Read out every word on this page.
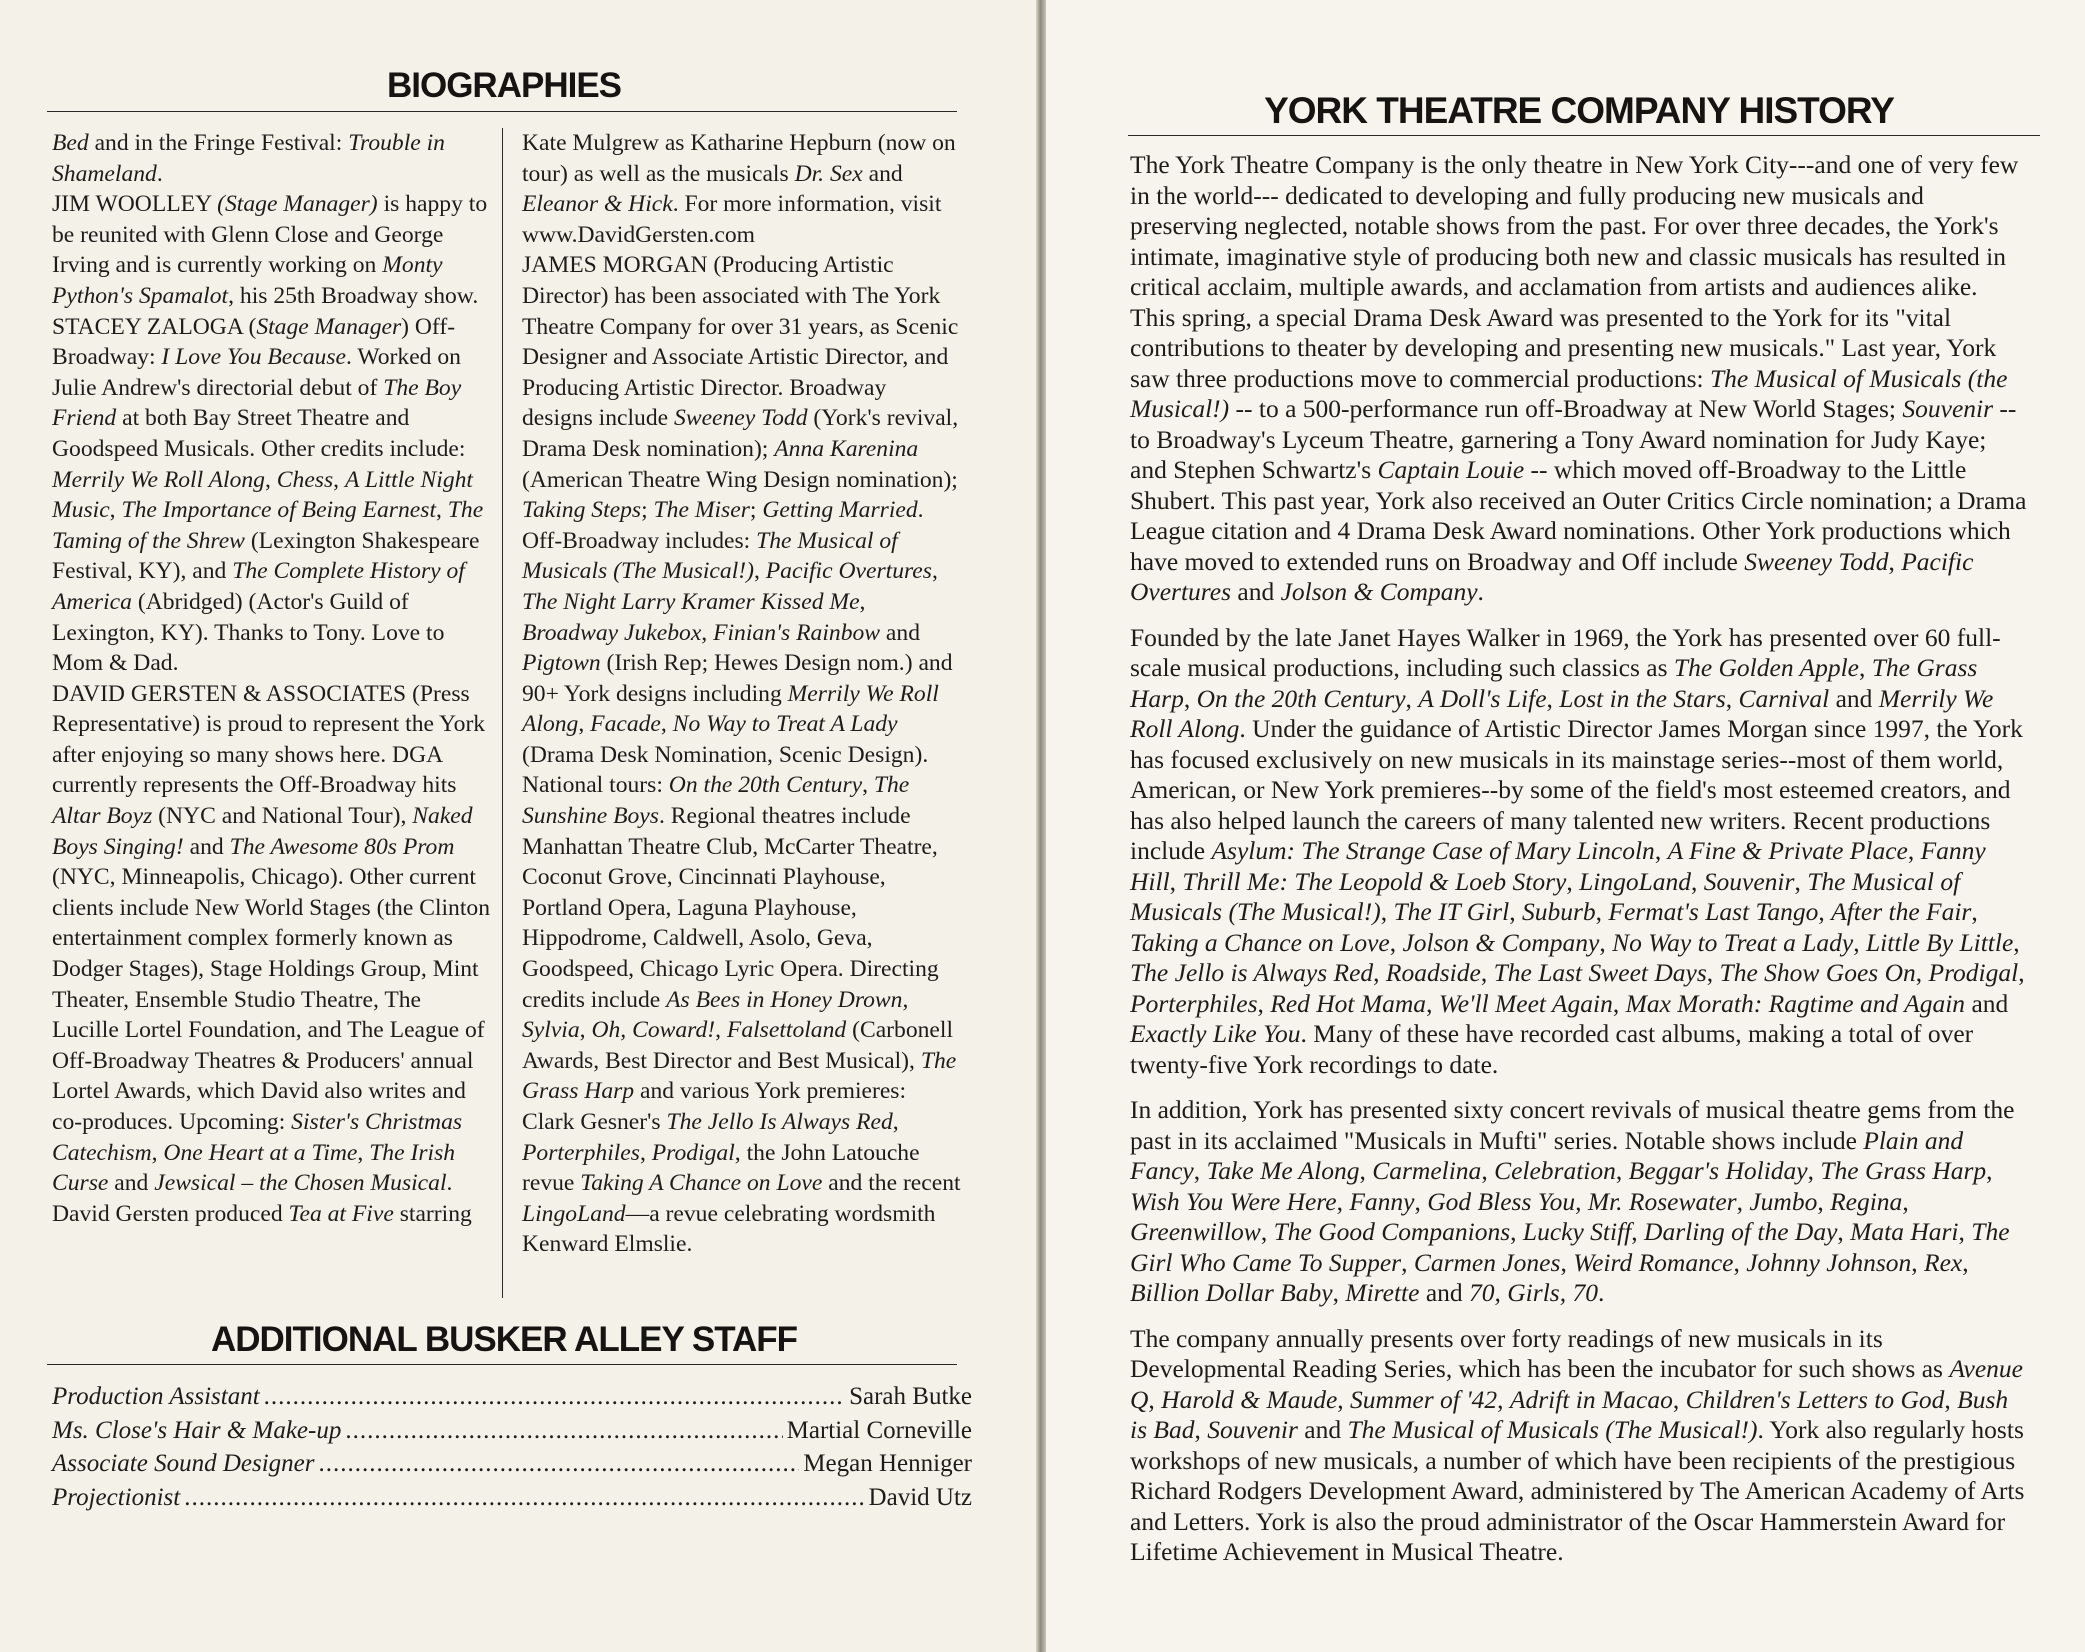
BIOGRAPHIES

Bed and in the Fringe Festival: Trouble in Shameland.

JIM WOOLLEY (Stage Manager) is happy to be reunited with Glenn Close and George Irving and is currently working on Monty Python's Spamalot, his 25th Broadway show.

STACEY ZALOGA (Stage Manager) Off-Broadway: I Love You Because. Worked on Julie Andrew's directorial debut of The Boy Friend at both Bay Street Theatre and Goodspeed Musicals. Other credits include: Merrily We Roll Along, Chess, A Little Night Music, The Importance of Being Earnest, The Taming of the Shrew (Lexington Shakespeare Festival, KY), and The Complete History of America (Abridged) (Actor's Guild of Lexington, KY). Thanks to Tony. Love to Mom & Dad.

DAVID GERSTEN & ASSOCIATES (Press Representative) is proud to represent the York after enjoying so many shows here. DGA currently represents the Off-Broadway hits Altar Boyz (NYC and National Tour), Naked Boys Singing! and The Awesome 80s Prom (NYC, Minneapolis, Chicago). Other current clients include New World Stages (the Clinton entertainment complex formerly known as Dodger Stages), Stage Holdings Group, Mint Theater, Ensemble Studio Theatre, The Lucille Lortel Foundation, and The League of Off-Broadway Theatres & Producers' annual Lortel Awards, which David also writes and co-produces. Upcoming: Sister's Christmas Catechism, One Heart at a Time, The Irish Curse and Jewsical – the Chosen Musical. David Gersten produced Tea at Five starring

Kate Mulgrew as Katharine Hepburn (now on tour) as well as the musicals Dr. Sex and Eleanor & Hick. For more information, visit www.DavidGersten.com

JAMES MORGAN (Producing Artistic Director) has been associated with The York Theatre Company for over 31 years, as Scenic Designer and Associate Artistic Director, and Producing Artistic Director. Broadway designs include Sweeney Todd (York's revival, Drama Desk nomination); Anna Karenina (American Theatre Wing Design nomination); Taking Steps; The Miser; Getting Married. Off-Broadway includes: The Musical of Musicals (The Musical!), Pacific Overtures, The Night Larry Kramer Kissed Me, Broadway Jukebox, Finian's Rainbow and Pigtown (Irish Rep; Hewes Design nom.) and 90+ York designs including Merrily We Roll Along, Facade, No Way to Treat A Lady (Drama Desk Nomination, Scenic Design). National tours: On the 20th Century, The Sunshine Boys. Regional theatres include Manhattan Theatre Club, McCarter Theatre, Coconut Grove, Cincinnati Playhouse, Portland Opera, Laguna Playhouse, Hippodrome, Caldwell, Asolo, Geva, Goodspeed, Chicago Lyric Opera. Directing credits include As Bees in Honey Drown, Sylvia, Oh, Coward!, Falsettoland (Carbonell Awards, Best Director and Best Musical), The Grass Harp and various York premieres: Clark Gesner's The Jello Is Always Red, Porterphiles, Prodigal, the John Latouche revue Taking A Chance on Love and the recent LingoLand—a revue celebrating wordsmith Kenward Elmslie.

ADDITIONAL BUSKER ALLEY STAFF
Production Assistant .....	Sarah Butke
Ms. Close's Hair & Make-up .....	Martial Corneville
Associate Sound Designer .....	Megan Henniger
Projectionist .....	David Utz
YORK THEATRE COMPANY HISTORY

The York Theatre Company is the only theatre in New York City---and one of very few in the world--- dedicated to developing and fully producing new musicals and preserving neglected, notable shows from the past. For over three decades, the York's intimate, imaginative style of producing both new and classic musicals has resulted in critical acclaim, multiple awards, and acclamation from artists and audiences alike. This spring, a special Drama Desk Award was presented to the York for its "vital contributions to theater by developing and presenting new musicals." Last year, York saw three productions move to commercial productions: The Musical of Musicals (the Musical!) -- to a 500-performance run off-Broadway at New World Stages; Souvenir -- to Broadway's Lyceum Theatre, garnering a Tony Award nomination for Judy Kaye; and Stephen Schwartz's Captain Louie -- which moved off-Broadway to the Little Shubert. This past year, York also received an Outer Critics Circle nomination; a Drama League citation and 4 Drama Desk Award nominations. Other York productions which have moved to extended runs on Broadway and Off include Sweeney Todd, Pacific Overtures and Jolson & Company.

Founded by the late Janet Hayes Walker in 1969, the York has presented over 60 full-scale musical productions, including such classics as The Golden Apple, The Grass Harp, On the 20th Century, A Doll's Life, Lost in the Stars, Carnival and Merrily We Roll Along. Under the guidance of Artistic Director James Morgan since 1997, the York has focused exclusively on new musicals in its mainstage series--most of them world, American, or New York premieres--by some of the field's most esteemed creators, and has also helped launch the careers of many talented new writers. Recent productions include Asylum: The Strange Case of Mary Lincoln, A Fine & Private Place, Fanny Hill, Thrill Me: The Leopold & Loeb Story, LingoLand, Souvenir, The Musical of Musicals (The Musical!), The IT Girl, Suburb, Fermat's Last Tango, After the Fair, Taking a Chance on Love, Jolson & Company, No Way to Treat a Lady, Little By Little, The Jello is Always Red, Roadside, The Last Sweet Days, The Show Goes On, Prodigal, Porterphiles, Red Hot Mama, We'll Meet Again, Max Morath: Ragtime and Again and Exactly Like You. Many of these have recorded cast albums, making a total of over twenty-five York recordings to date.

In addition, York has presented sixty concert revivals of musical theatre gems from the past in its acclaimed "Musicals in Mufti" series. Notable shows include Plain and Fancy, Take Me Along, Carmelina, Celebration, Beggar's Holiday, The Grass Harp, Wish You Were Here, Fanny, God Bless You, Mr. Rosewater, Jumbo, Regina, Greenwillow, The Good Companions, Lucky Stiff, Darling of the Day, Mata Hari, The Girl Who Came To Supper, Carmen Jones, Weird Romance, Johnny Johnson, Rex, Billion Dollar Baby, Mirette and 70, Girls, 70.

The company annually presents over forty readings of new musicals in its Developmental Reading Series, which has been the incubator for such shows as Avenue Q, Harold & Maude, Summer of '42, Adrift in Macao, Children's Letters to God, Bush is Bad, Souvenir and The Musical of Musicals (The Musical!). York also regularly hosts workshops of new musicals, a number of which have been recipients of the prestigious Richard Rodgers Development Award, administered by The American Academy of Arts and Letters. York is also the proud administrator of the Oscar Hammerstein Award for Lifetime Achievement in Musical Theatre.
